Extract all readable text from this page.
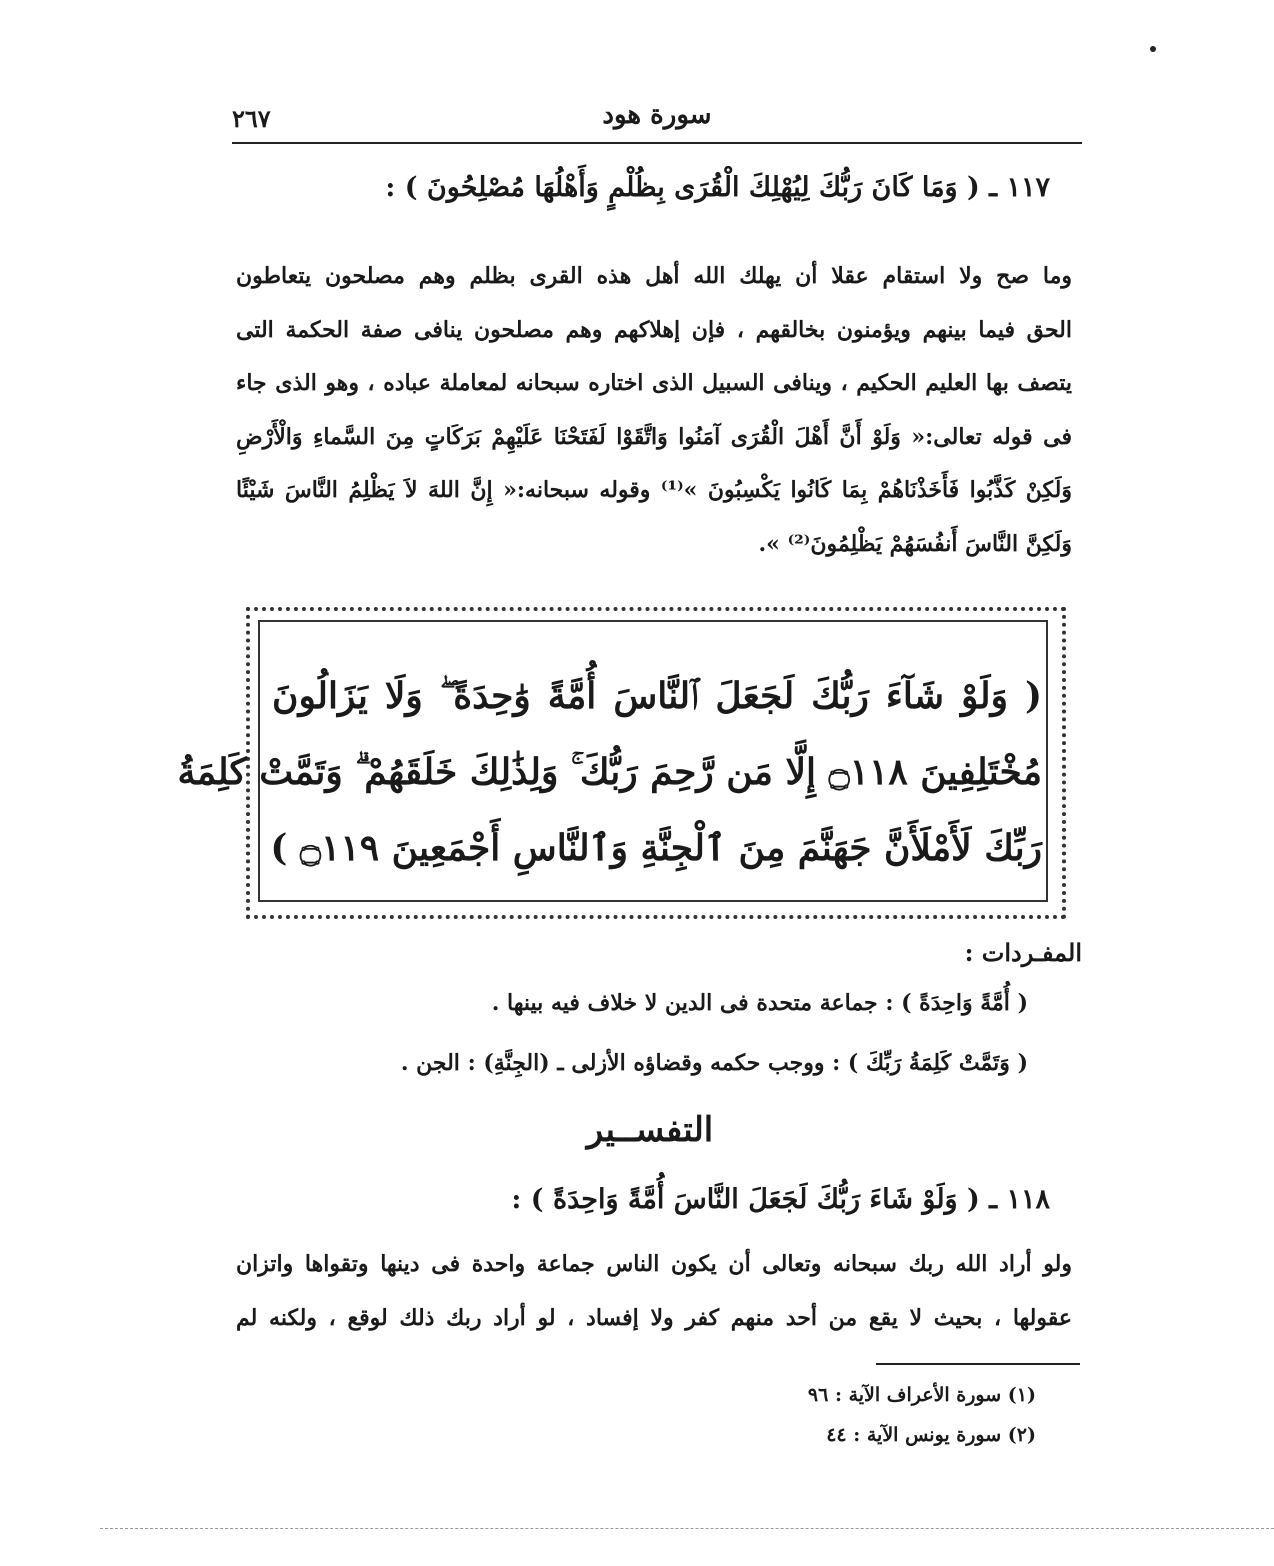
سورة هود
٢٦٧
١١٧ ـ ( وَمَا كَانَ رَبُّكَ لِيُهْلِكَ الْقُرَى بِظُلْمٍ وَأَهْلُهَا مُصْلِحُونَ ) :
وما صح ولا استقام عقلا أن يهلك الله أهل هذه القرى بظلم وهم مصلحون يتعاطون
الحق فيما بينهم ويؤمنون بخالقهم ، فإن إهلاكهم وهم مصلحون ينافى صفة الحكمة التى
يتصف بها العليم الحكيم ، وينافى السبيل الذى اختاره سبحانه لمعاملة عباده ، وهو الذى جاء
فى قوله تعالى:« وَلَوْ أَنَّ أَهْلَ الْقُرَى آمَنُوا وَاتَّقَوْا لَفَتَحْنَا عَلَيْهِمْ بَرَكَاتٍ مِنَ السَّماءِ وَالْأَرْضِ
وَلَكِنْ كَذَّبُوا فَأَخَذْنَاهُمْ بِمَا كَانُوا يَكْسِبُونَ »⁽¹⁾ وقوله سبحانه:« إِنَّ اللهَ لاَ يَظْلِمُ النَّاسَ شَيْئًا
وَلَكِنَّ النَّاسَ أَنفُسَهُمْ يَظْلِمُونَ⁽²⁾ ».
( وَلَوْ شَآءَ رَبُّكَ لَجَعَلَ ٱلنَّاسَ أُمَّةً وَٰحِدَةً ۖ وَلَا يَزَالُونَ
مُخْتَلِفِينَ ۝١١٨ إِلَّا مَن رَّحِمَ رَبُّكَ ۚ وَلِذَٰلِكَ خَلَقَهُمْ ۗ وَتَمَّتْ كَلِمَةُ
رَبِّكَ لَأَمْلَأَنَّ جَهَنَّمَ مِنَ ٱلْجِنَّةِ وَٱلنَّاسِ أَجْمَعِينَ ۝١١٩ )
المفـردات :
( أُمَّةً وَاحِدَةً ) : جماعة متحدة فى الدين لا خلاف فيه بينها .
( وَتَمَّتْ كَلِمَةُ رَبِّكَ ) : ووجب حكمه وقضاؤه الأزلى ـ (الجِنَّةِ) : الجن .
التفســير
١١٨ ـ ( وَلَوْ شَاءَ رَبُّكَ لَجَعَلَ النَّاسَ أُمَّةً وَاحِدَةً ) :
ولو أراد الله ربك سبحانه وتعالى أن يكون الناس جماعة واحدة فى دينها وتقواها واتزان
عقولها ، بحيث لا يقع من أحد منهم كفر ولا إفساد ، لو أراد ربك ذلك لوقع ، ولكنه لم
(١) سورة الأعراف الآية : ٩٦
(٢) سورة يونس الآية : ٤٤
